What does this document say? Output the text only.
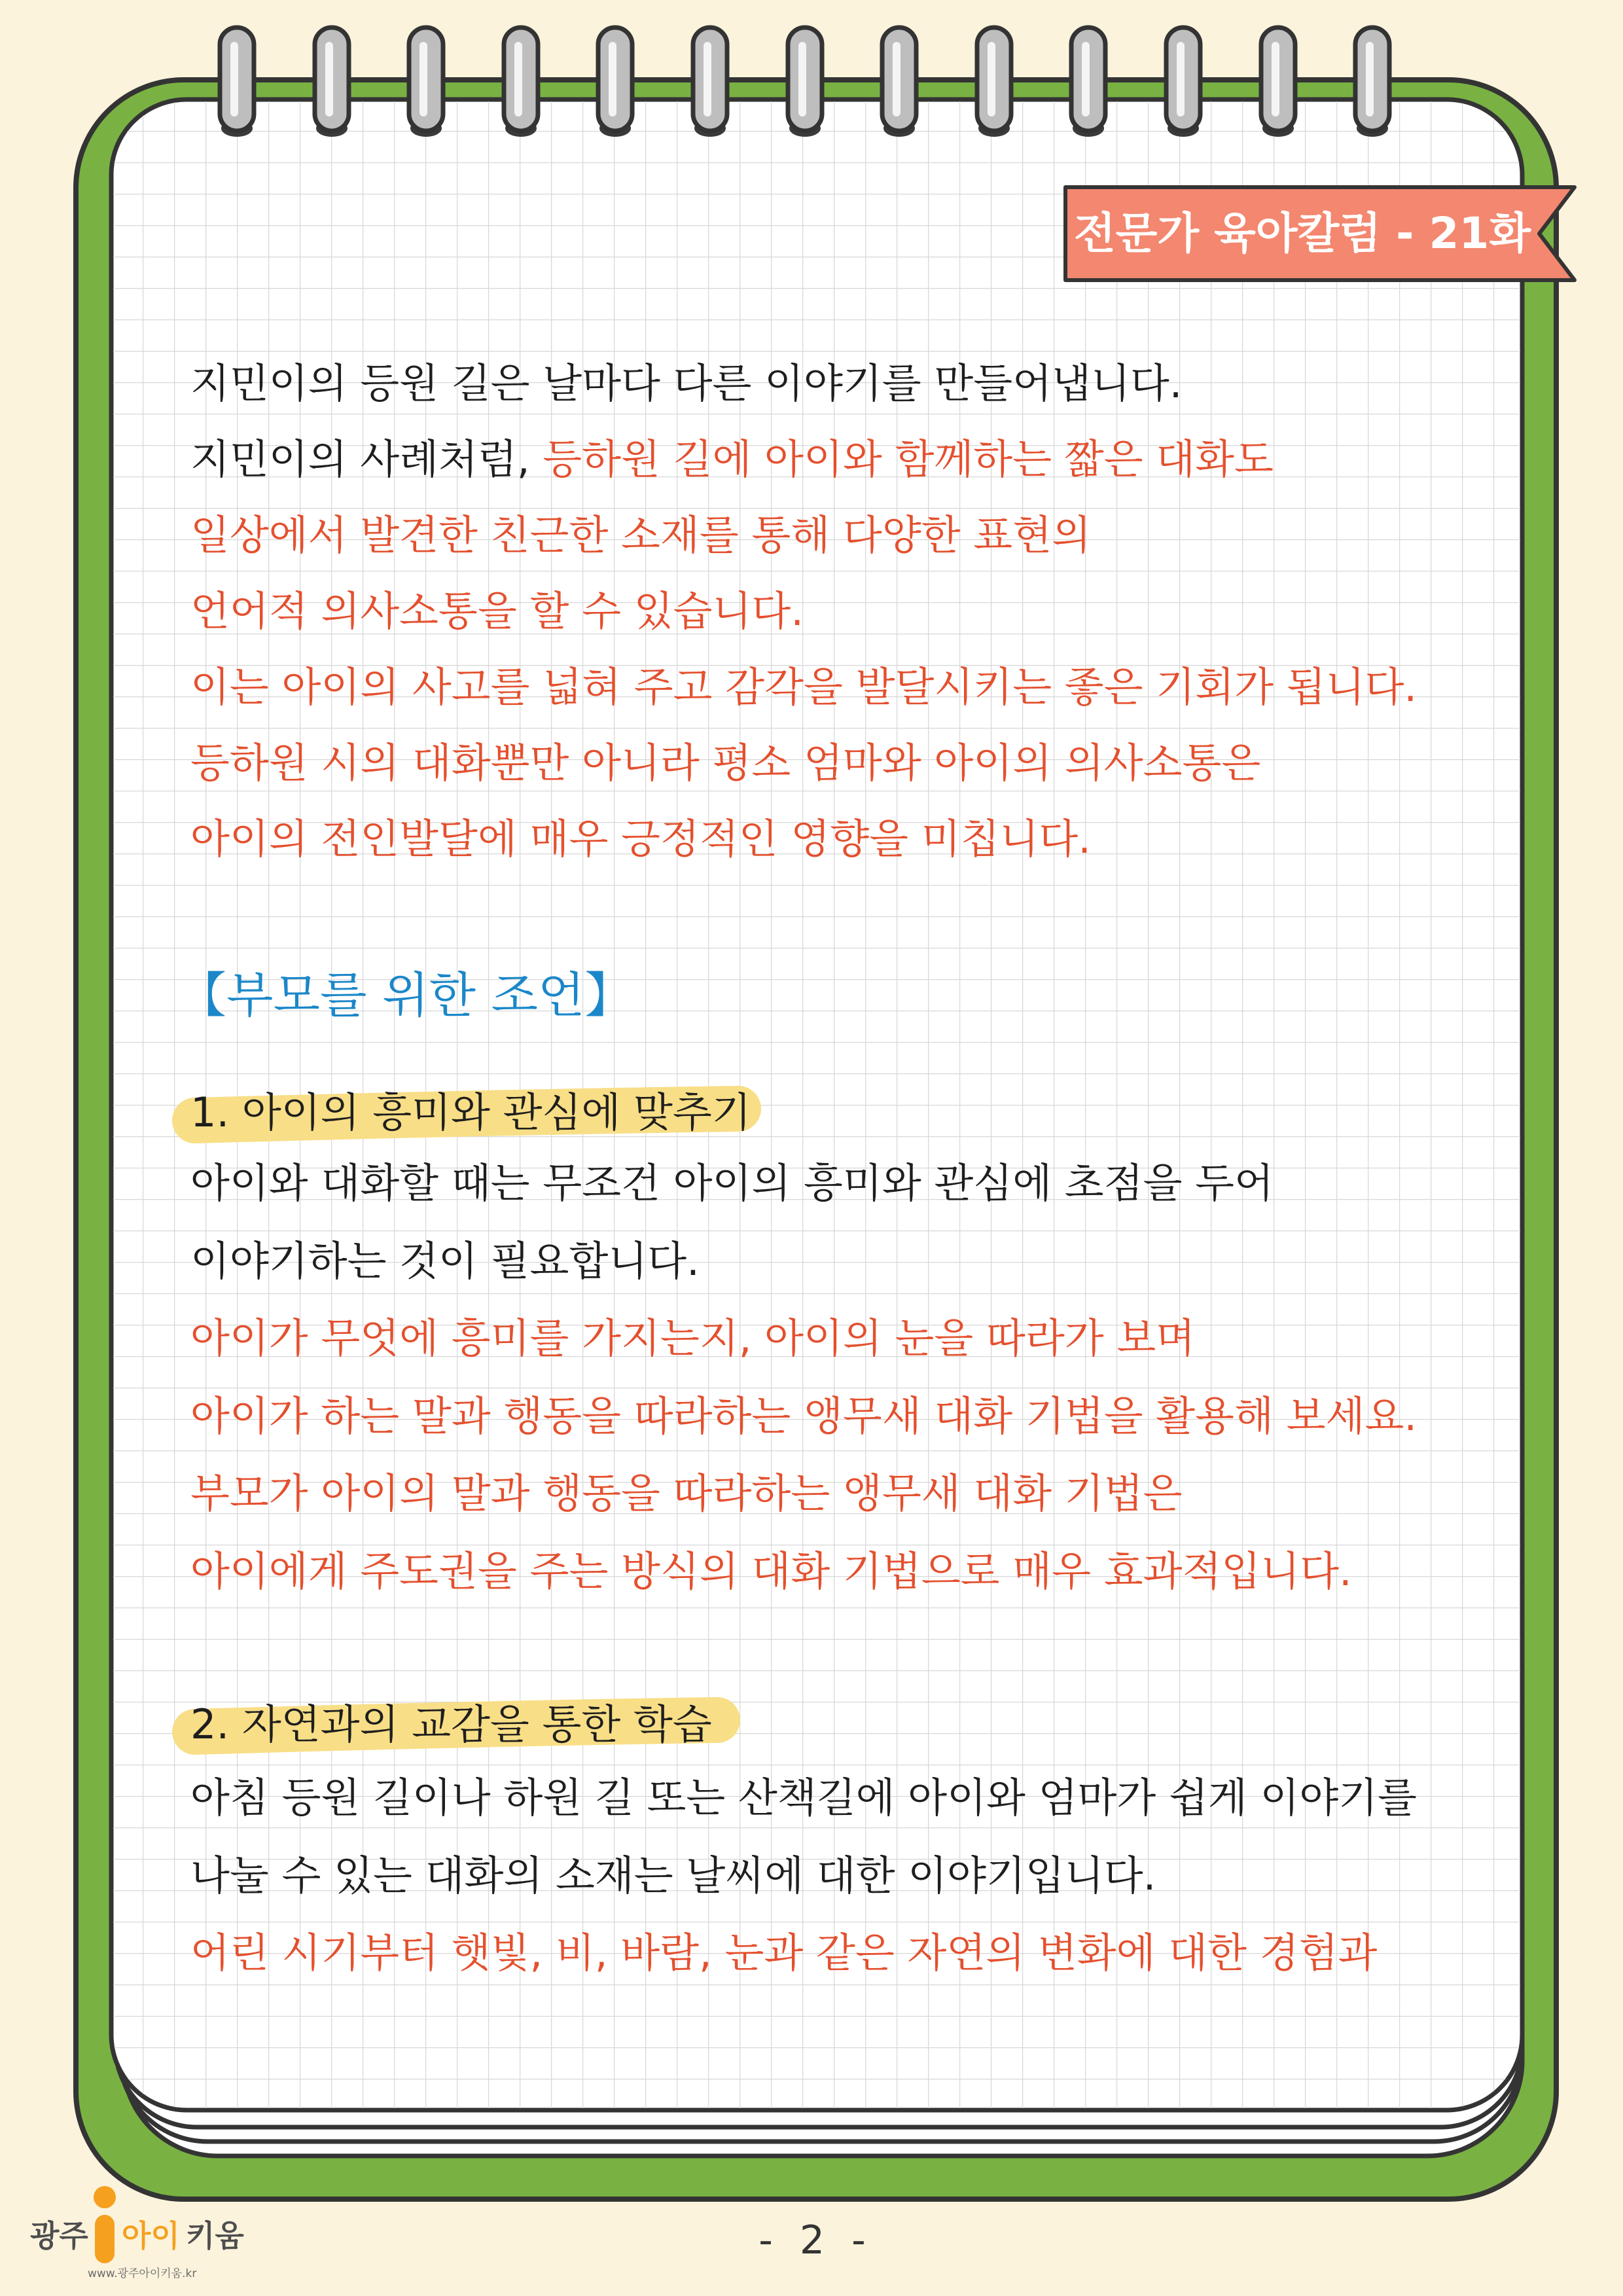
전문가 육아칼럼 - 21화
지민이의 등원 길은 날마다 다른 이야기를 만들어냅니다.
지민이의 사례처럼, 등하원 길에 아이와 함께하는 짧은 대화도
일상에서 발견한 친근한 소재를 통해 다양한 표현의
언어적 의사소통을 할 수 있습니다.
이는 아이의 사고를 넓혀 주고 감각을 발달시키는 좋은 기회가 됩니다.
등하원 시의 대화뿐만 아니라 평소 엄마와 아이의 의사소통은
아이의 전인발달에 매우 긍정적인 영향을 미칩니다.
【부모를 위한 조언】
1. 아이의 흥미와 관심에 맞추기
아이와 대화할 때는 무조건 아이의 흥미와 관심에 초점을 두어
이야기하는 것이 필요합니다.
아이가 무엇에 흥미를 가지는지, 아이의 눈을 따라가 보며
아이가 하는 말과 행동을 따라하는 앵무새 대화 기법을 활용해 보세요.
부모가 아이의 말과 행동을 따라하는 앵무새 대화 기법은
아이에게 주도권을 주는 방식의 대화 기법으로 매우 효과적입니다.
2. 자연과의 교감을 통한 학습
아침 등원 길이나 하원 길 또는 산책길에 아이와 엄마가 쉽게 이야기를
나눌 수 있는 대화의 소재는 날씨에 대한 이야기입니다.
어린 시기부터 햇빛, 비, 바람, 눈과 같은 자연의 변화에 대한 경험과
광주 아이 키움
www.광주아이키움.kr
- 2 -
